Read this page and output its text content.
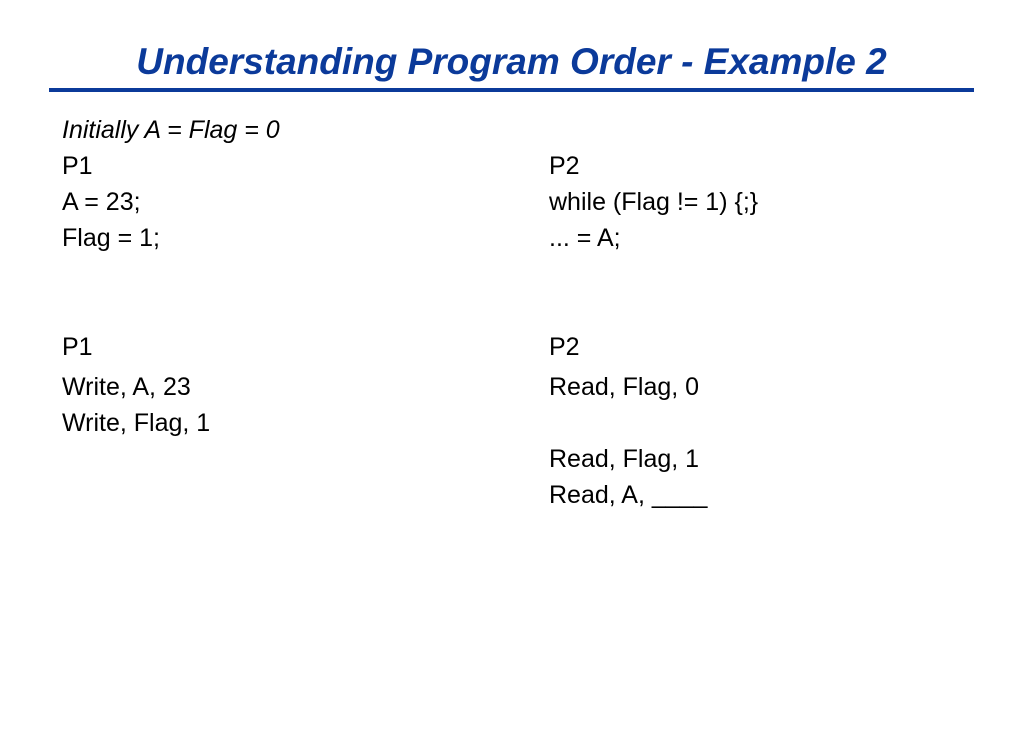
Understanding Program Order - Example 2
Initially A = Flag = 0
P1
A = 23;
Flag = 1;
P2
while (Flag != 1) {;}
... = A;
P1
Write, A, 23
Write, Flag, 1
P2
Read, Flag, 0
Read, Flag, 1
Read, A, ____
